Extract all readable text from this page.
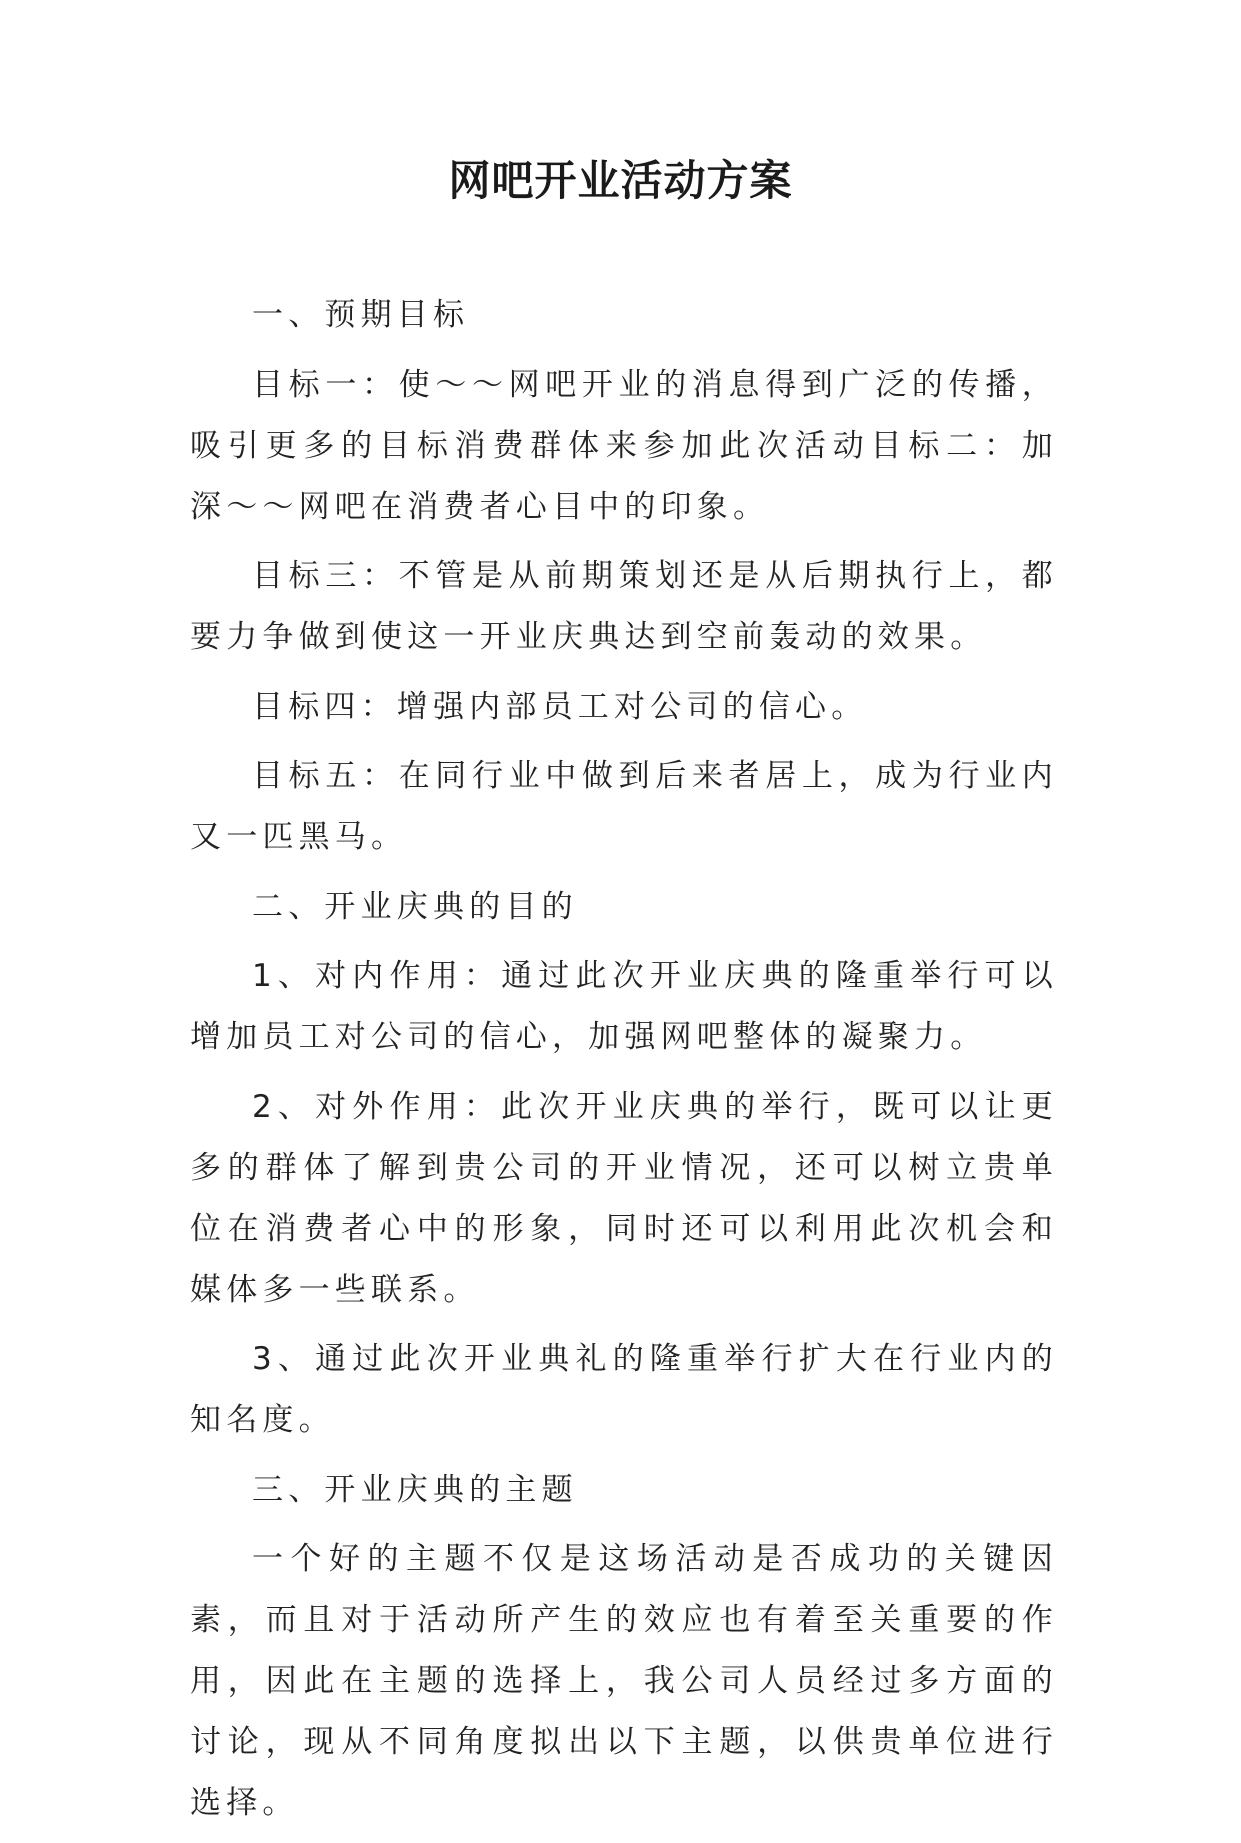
网吧开业活动方案

一、预期目标

目标一：使～～网吧开业的消息得到广泛的传播，吸引更多的目标消费群体来参加此次活动目标二：加深～～网吧在消费者心目中的印象。

目标三：不管是从前期策划还是从后期执行上，都要力争做到使这一开业庆典达到空前轰动的效果。

目标四：增强内部员工对公司的信心。

目标五：在同行业中做到后来者居上，成为行业内又一匹黑马。

二、开业庆典的目的

1、对内作用：通过此次开业庆典的隆重举行可以增加员工对公司的信心，加强网吧整体的凝聚力。

2、对外作用：此次开业庆典的举行，既可以让更多的群体了解到贵公司的开业情况，还可以树立贵单位在消费者心中的形象，同时还可以利用此次机会和媒体多一些联系。

3、通过此次开业典礼的隆重举行扩大在行业内的知名度。

三、开业庆典的主题

一个好的主题不仅是这场活动是否成功的关键因素，而且对于活动所产生的效应也有着至关重要的作用，因此在主题的选择上，我公司人员经过多方面的讨论，现从不同角度拟出以下主题，以供贵单位进行选择。
